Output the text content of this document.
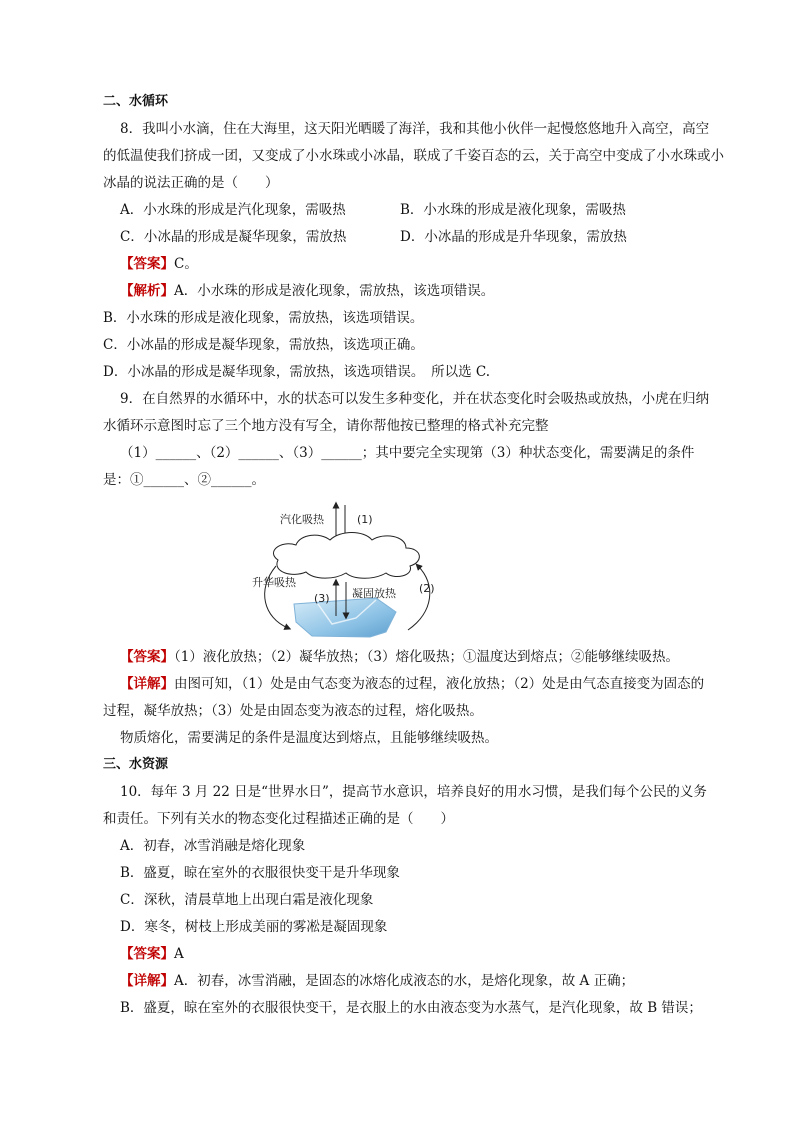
二、水循环
8．我叫小水滴，住在大海里，这天阳光晒暖了海洋，我和其他小伙伴一起慢悠悠地升入高空，高空
的低温使我们挤成一团，又变成了小水珠或小冰晶，联成了千姿百态的云，关于高空中变成了小水珠或小
冰晶的说法正确的是（　　）
A．小水珠的形成是汽化现象，需吸热	B．小水珠的形成是液化现象，需吸热
C．小冰晶的形成是凝华现象，需放热	D．小冰晶的形成是升华现象，需放热
【答案】C。
【解析】A．小水珠的形成是液化现象，需放热，该选项错误。
B．小水珠的形成是液化现象，需放热，该选项错误。
C．小冰晶的形成是凝华现象，需放热，该选项正确。
D．小冰晶的形成是凝华现象，需放热，该选项错误。　所以选 C.
9．在自然界的水循环中，水的状态可以发生多种变化，并在状态变化时会吸热或放热，小虎在归纳
水循环示意图时忘了三个地方没有写全，请你帮他按已整理的格式补充完整
（1）______、（2）______、（3）______；其中要完全实现第（3）种状态变化，需要满足的条件
是：①______、②______。
汽化吸热	(1)
升华吸热	(2)
(3) 凝固放热
【答案】（1）液化放热；（2）凝华放热；（3）熔化吸热；①温度达到熔点；②能够继续吸热。
【详解】由图可知，（1）处是由气态变为液态的过程，液化放热；（2）处是由气态直接变为固态的
过程，凝华放热；（3）处是由固态变为液态的过程，熔化吸热。
物质熔化，需要满足的条件是温度达到熔点，且能够继续吸热。
三、水资源
10．每年 3 月 22 日是“世界水日”，提高节水意识，培养良好的用水习惯，是我们每个公民的义务
和责任。下列有关水的物态变化过程描述正确的是（　　）
A．初春，冰雪消融是熔化现象
B．盛夏，晾在室外的衣服很快变干是升华现象
C．深秋，清晨草地上出现白霜是液化现象
D．寒冬，树枝上形成美丽的雾凇是凝固现象
【答案】A
【详解】A．初春，冰雪消融，是固态的冰熔化成液态的水，是熔化现象，故 A 正确；
B．盛夏，晾在室外的衣服很快变干，是衣服上的水由液态变为水蒸气，是汽化现象，故 B 错误；
